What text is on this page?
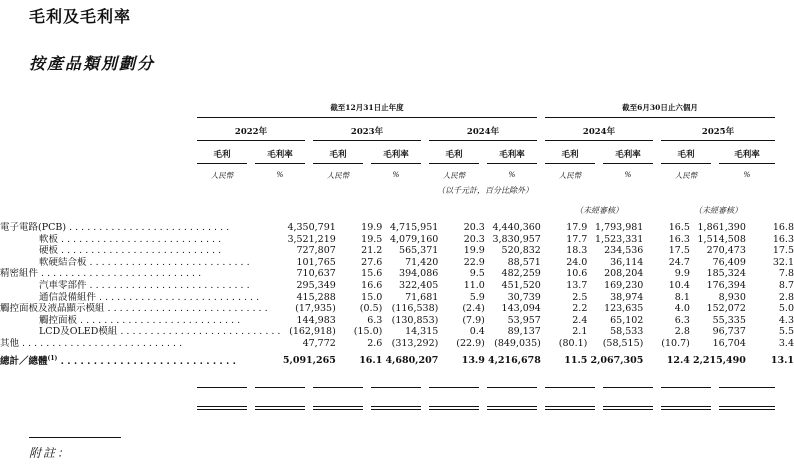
毛利及毛利率
按產品類別劃分
截至12月31日止年度	截至6月30日止六個月
2022年	2023年	2024年	2024年	2025年
毛利	毛利率	毛利	毛利率	毛利	毛利率	毛利	毛利率	毛利	毛利率
人民幣	%	人民幣	%	人民幣	%	人民幣	%	人民幣	%
（以千元計，百分比除外）
（未經審核）	（未經審核）
電子電路(PCB) . . . . . . . . . . . . . . . . . . . . . . . . . . .	4,350,791	19.9	4,715,951	20.3	4,440,360	17.9	1,793,981	16.5	1,861,390	16.8
軟板 . . . . . . . . . . . . . . . . . . . . . . . . . . .	3,521,219	19.5	4,079,160	20.3	3,830,957	17.7	1,523,331	16.3	1,514,508	16.3
硬板 . . . . . . . . . . . . . . . . . . . . . . . . . . .	727,807	21.2	565,371	19.9	520,832	18.3	234,536	17.5	270,473	17.5
軟硬結合板 . . . . . . . . . . . . . . . . . . . . . . . . . . .	101,765	27.6	71,420	22.9	88,571	24.0	36,114	24.7	76,409	32.1
精密組件 . . . . . . . . . . . . . . . . . . . . . . . . . . .	710,637	15.6	394,086	9.5	482,259	10.6	208,204	9.9	185,324	7.8
汽車零部件 . . . . . . . . . . . . . . . . . . . . . . . . . . .	295,349	16.6	322,405	11.0	451,520	13.7	169,230	10.4	176,394	8.7
通信設備組件 . . . . . . . . . . . . . . . . . . . . . . . . . . .	415,288	15.0	71,681	5.9	30,739	2.5	38,974	8.1	8,930	2.8
觸控面板及液晶顯示模組 . . . . . . . . . . . . . . . . . . . . . . . . . . .	(17,935)	(0.5)	(116,538)	(2.4)	143,094	2.2	123,635	4.0	152,072	5.0
觸控面板 . . . . . . . . . . . . . . . . . . . . . . . . . . .	144,983	6.3	(130,853)	(7.9)	53,957	2.4	65,102	6.3	55,335	4.3
LCD及OLED模組 . . . . . . . . . . . . . . . . . . . . . . . . . . .	(162,918)	(15.0)	14,315	0.4	89,137	2.1	58,533	2.8	96,737	5.5
其他 . . . . . . . . . . . . . . . . . . . . . . . . . . .	47,772	2.6	(313,292)	(22.9)	(849,035)	(80.1)	(58,515)	(10.7)	16,704	3.4
總計／總體$^{(1)}$ . . . . . . . . . . . . . . . . . . . . . . . . . . .	5,091,265	16.1	4,680,207	13.9	4,216,678	11.5	2,067,305	12.4	2,215,490	13.1
附註：
